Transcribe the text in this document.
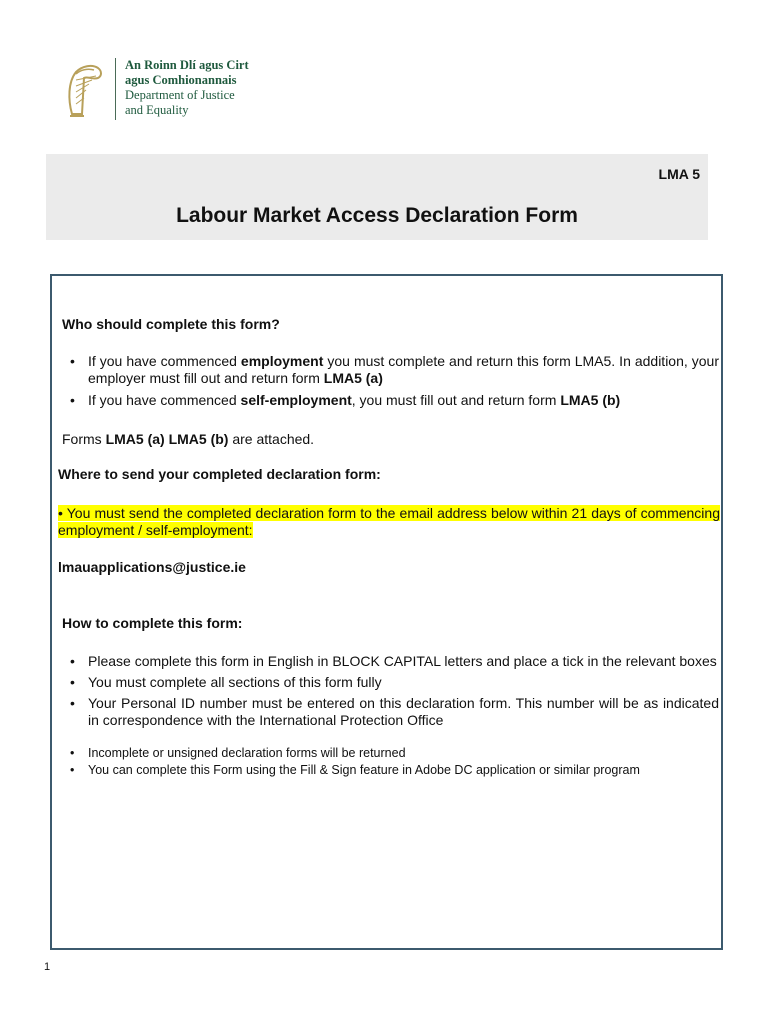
An Roinn Dlí agus Cirt
agus Comhionannais
Department of Justice
and Equality
LMA 5
Labour Market Access Declaration Form
Who should complete this form?
• If you have commenced employment you must complete and return this form LMA5. In addition, your employer must fill out and return form LMA5 (a)
• If you have commenced self-employment, you must fill out and return form LMA5 (b)
Forms LMA5 (a) LMA5 (b) are attached.
Where to send your completed declaration form:
• You must send the completed declaration form to the email address below within 21 days of commencing employment / self-employment:
lmauapplications@justice.ie
How to complete this form:
• Please complete this form in English in BLOCK CAPITAL letters and place a tick in the relevant boxes
• You must complete all sections of this form fully
• Your Personal ID number must be entered on this declaration form. This number will be as indicated in correspondence with the International Protection Office
• Incomplete or unsigned declaration forms will be returned
• You can complete this Form using the Fill & Sign feature in Adobe DC application or similar program
1
